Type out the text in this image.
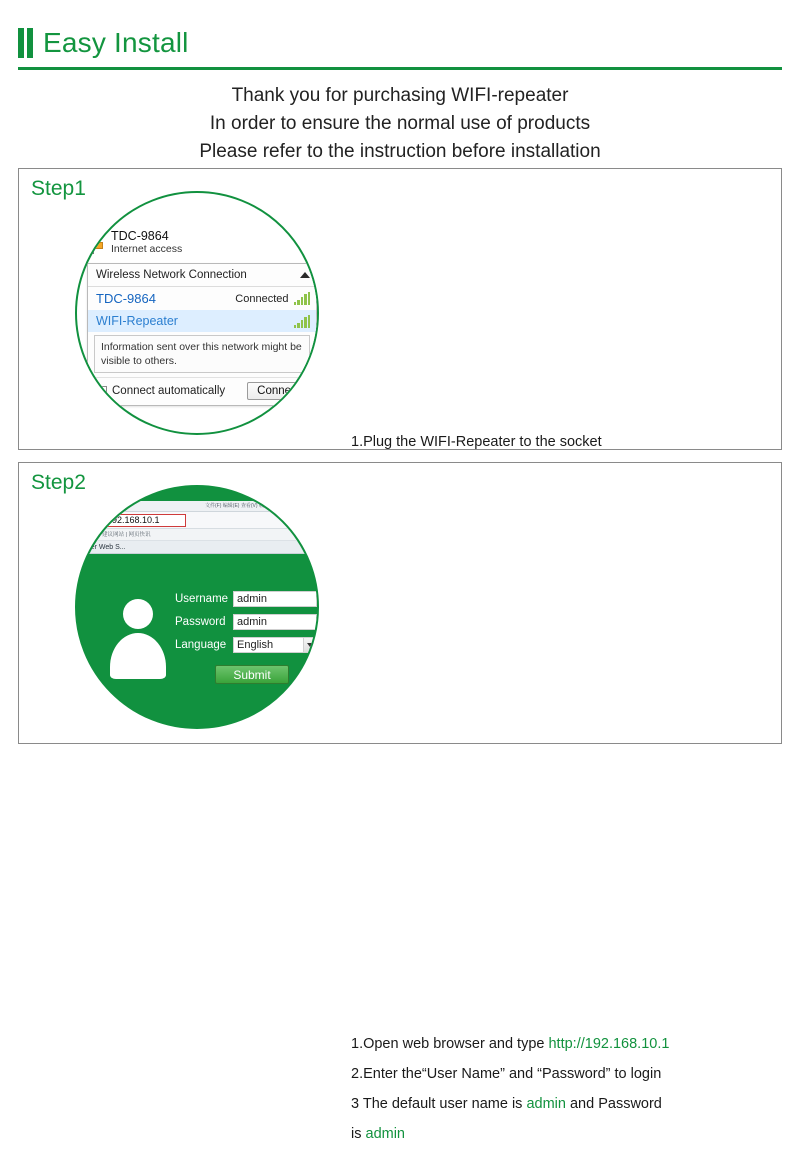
Easy Install
Thank you for purchasing WIFI-repeater
In order to ensure the normal use of products
Please refer to the instruction before installation
Step1
TDC-9864
Internet access
Wireless Network Connection
TDC-9864	Connected
WIFI-Repeater
Information sent over this network might be visible to others.
Connect automatically	Connect
1.Plug the WIFI-Repeater to the socket
Step2
文件(F) 编辑(E) 查看(V) 收藏(A) 工具(T) 帮助(H)
192.168.10.1
收藏夹 | 建议网站 | 网页快讯
eater Web S...
Username admin
Password	admin
Language English
Submit
1.Open web browser and type http://192.168.10.1
2.Enter the“User Name” and “Password” to login
3 The default user name is admin and Password
is admin
